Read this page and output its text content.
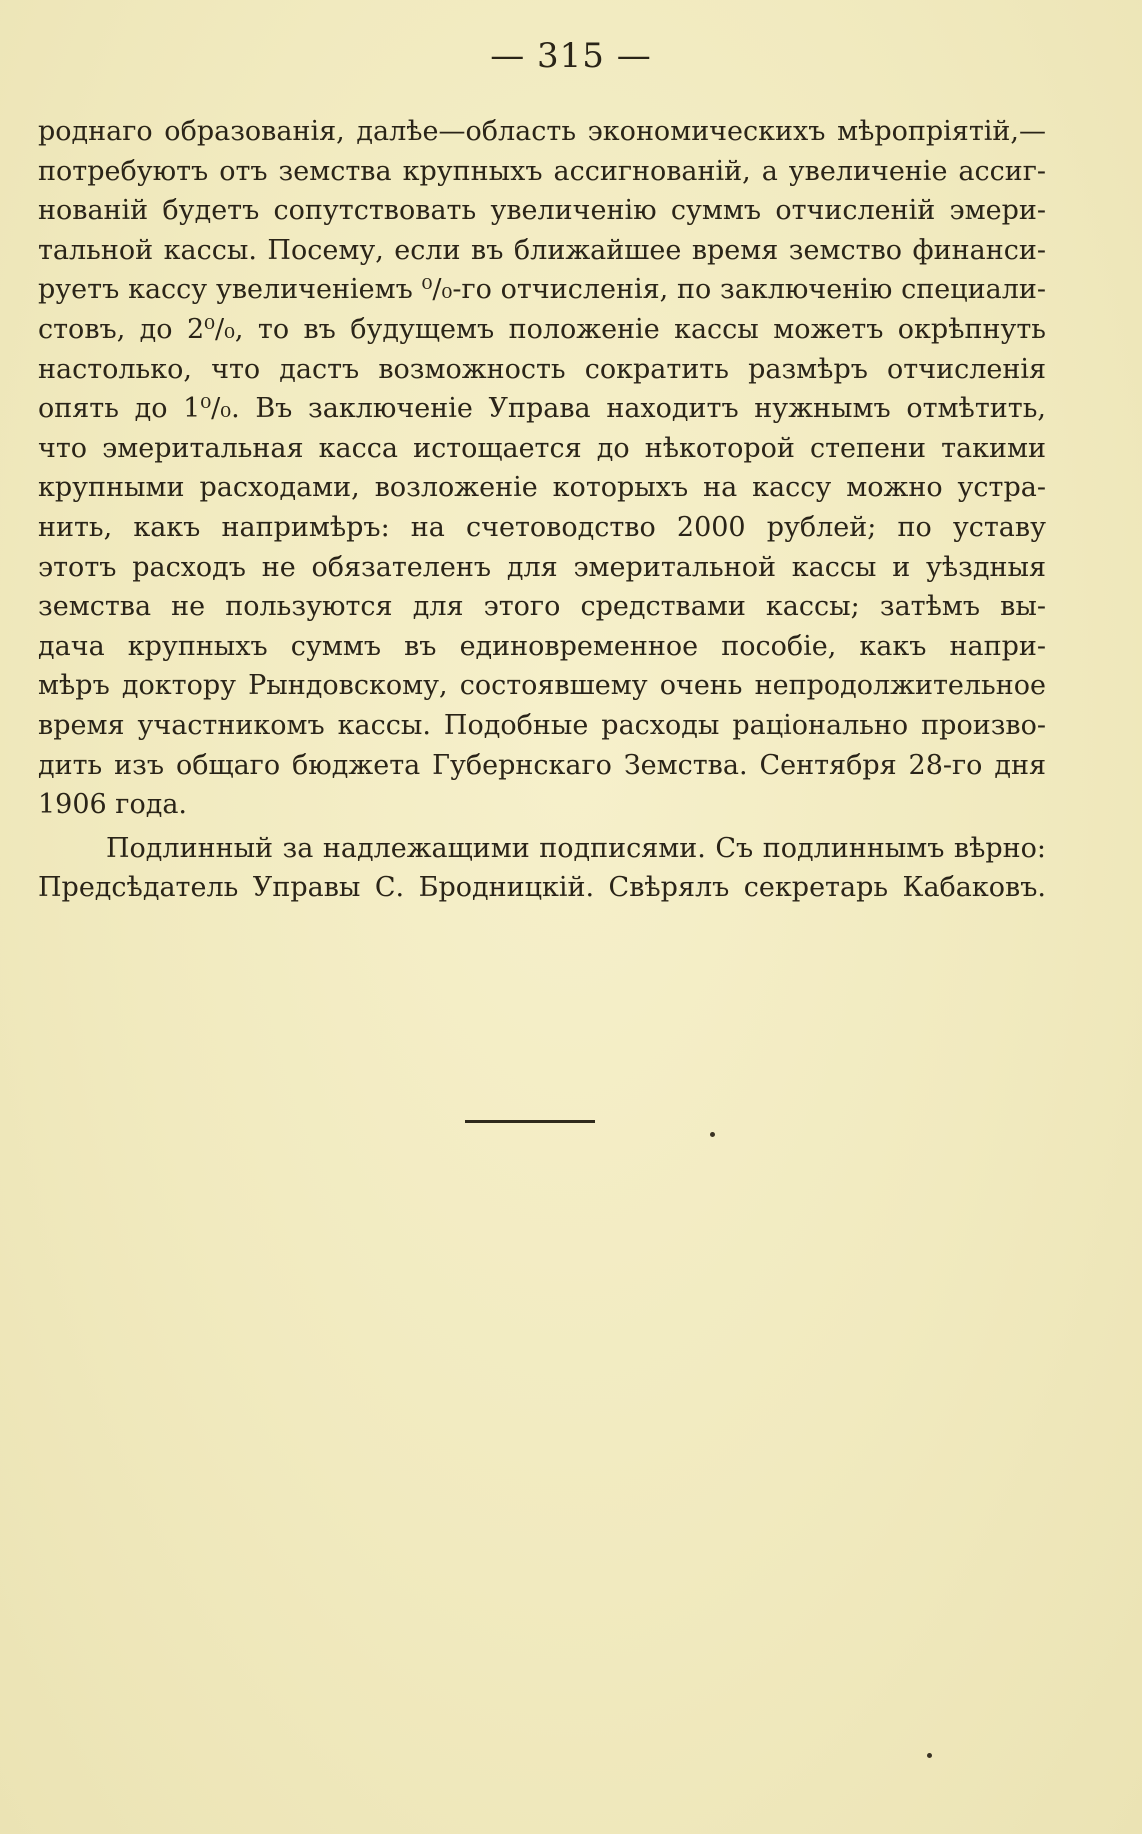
— 315 —
роднаго образованія, далѣе—область экономическихъ мѣропріятій,—
потребуютъ отъ земства крупныхъ ассигнованій, а увеличеніе ассиг-
нованій будетъ сопутствовать увеличенію суммъ отчисленій эмери-
тальной кассы. Посему, если въ ближайшее время земство финанси-
руетъ кассу увеличеніемъ ⁰/₀-го отчисленія, по заключенію специали-
стовъ, до 2⁰/₀, то въ будущемъ положеніе кассы можетъ окрѣпнуть
настолько, что дастъ возможность сократить размѣръ отчисленія
опять до 1⁰/₀. Въ заключеніе Управа находитъ нужнымъ отмѣтить,
что эмеритальная касса истощается до нѣкоторой степени такими
крупными расходами, возложеніе которыхъ на кассу можно устра-
нить, какъ напримѣръ: на счетоводство 2000 рублей; по уставу
этотъ расходъ не обязателенъ для эмеритальной кассы и уѣздныя
земства не пользуются для этого средствами кассы; затѣмъ вы-
дача крупныхъ суммъ въ единовременное пособіе, какъ напри-
мѣръ доктору Рындовскому, состоявшему очень непродолжительное
время участникомъ кассы. Подобные расходы раціонально произво-
дить изъ общаго бюджета Губернскаго Земства. Сентября 28-го дня
1906 года.
Подлинный за надлежащими подписями. Съ подлиннымъ вѣрно:
Предсѣдатель Управы С. Бродницкій. Свѣрялъ секретарь Кабаковъ.
